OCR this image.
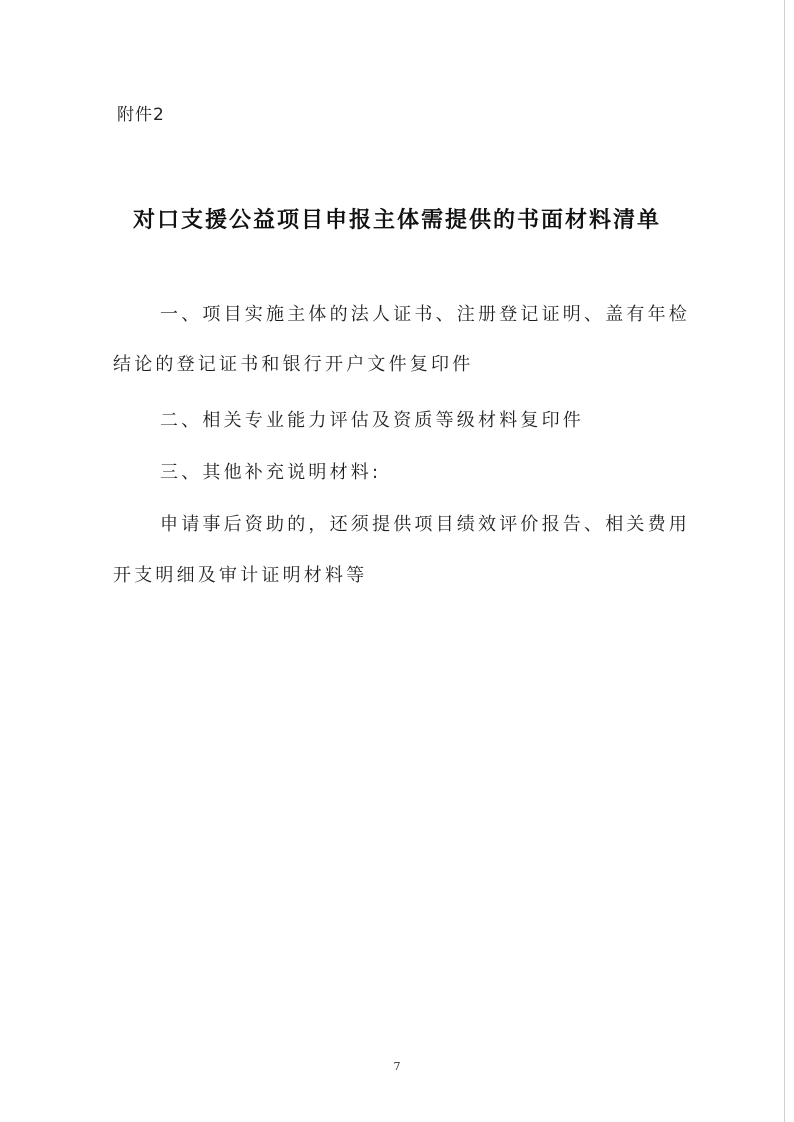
附件2
对口支援公益项目申报主体需提供的书面材料清单
一、项目实施主体的法人证书、注册登记证明、盖有年检
结论的登记证书和银行开户文件复印件
二、相关专业能力评估及资质等级材料复印件
三、其他补充说明材料:
申请事后资助的，还须提供项目绩效评价报告、相关费用
开支明细及审计证明材料等
7
